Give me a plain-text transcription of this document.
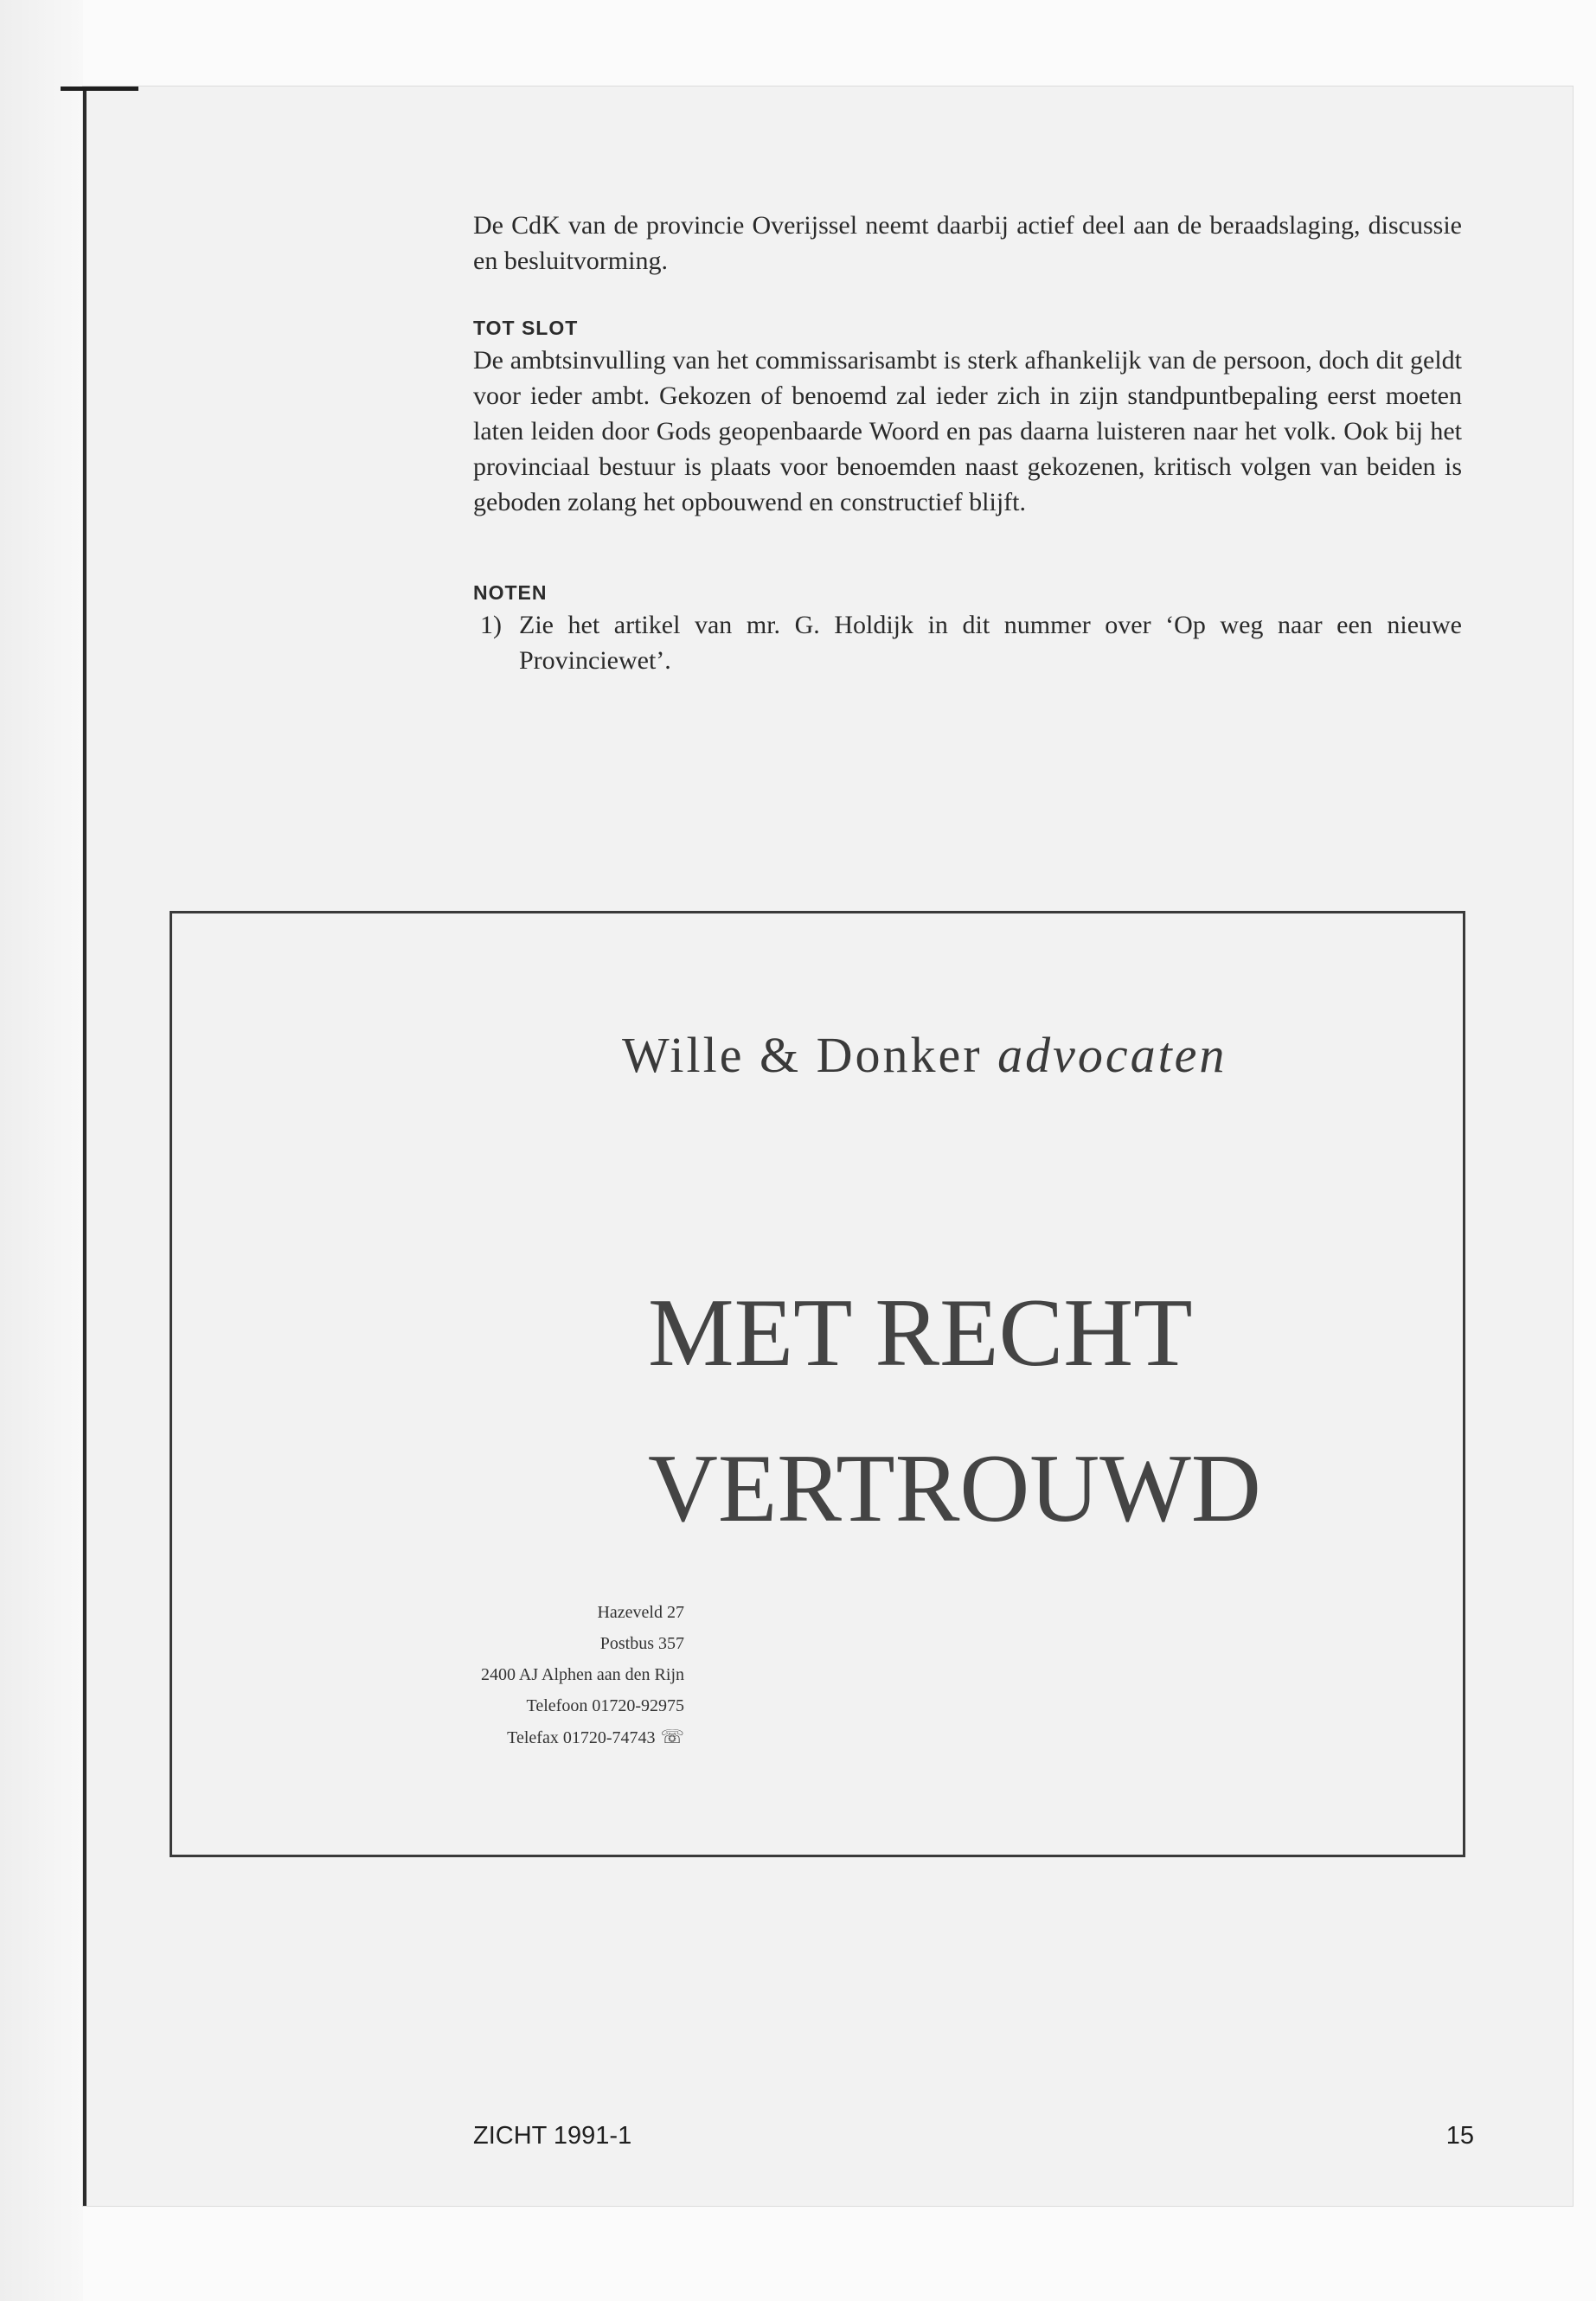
De CdK van de provincie Overijssel neemt daarbij actief deel aan de beraadslaging, discussie en besluitvorming.
TOT SLOT
De ambtsinvulling van het commissarisambt is sterk afhankelijk van de persoon, doch dit geldt voor ieder ambt. Gekozen of benoemd zal ieder zich in zijn standpuntbepaling eerst moeten laten leiden door Gods geopenbaarde Woord en pas daarna luisteren naar het volk. Ook bij het provinciaal bestuur is plaats voor benoemden naast gekozenen, kritisch volgen van beiden is geboden zolang het opbouwend en constructief blijft.
NOTEN
1) Zie het artikel van mr. G. Holdijk in dit nummer over ‘Op weg naar een nieuwe Provinciewet’.
Wille & Donker advocaten
MET RECHT
VERTROUWD
Hazeveld 27
Postbus 357
2400 AJ Alphen aan den Rijn
Telefoon 01720-92975
Telefax 01720-74743 ☏
ZICHT 1991-1	15
